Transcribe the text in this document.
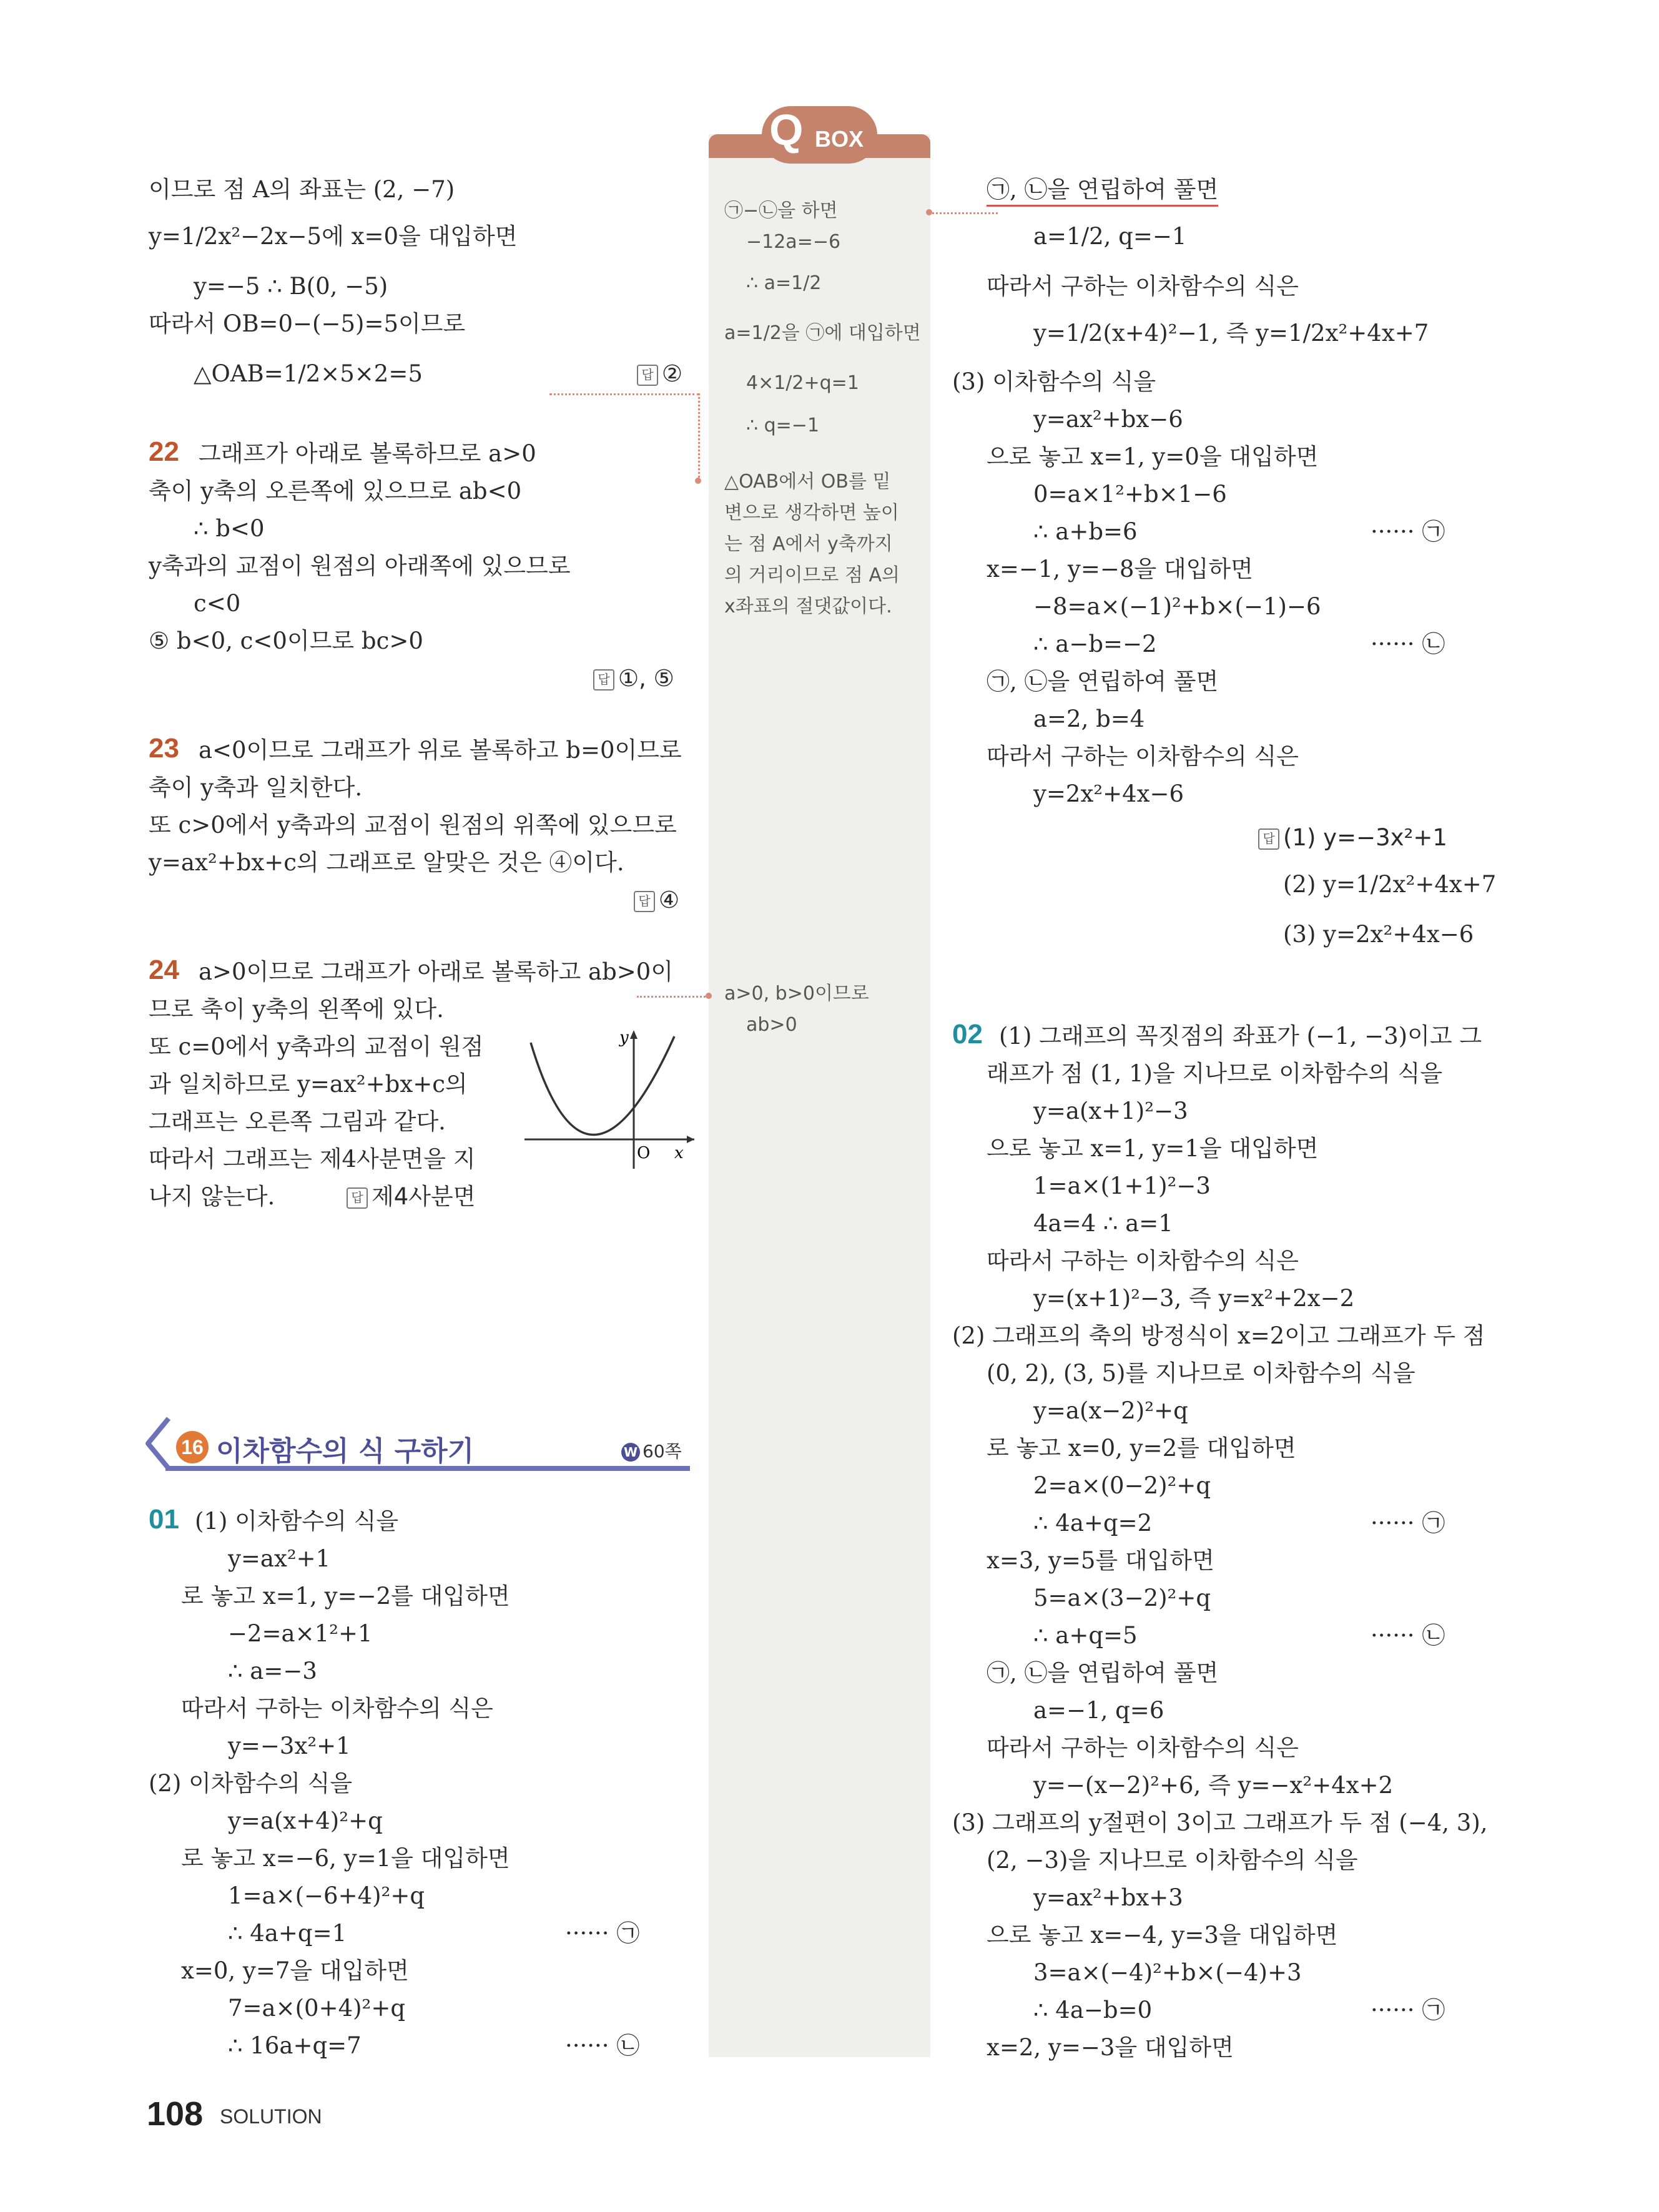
Q BOX
㉠−㉡을 하면
−12a=−6
∴ a=1/2
a=1/2을 ㉠에 대입하면
4×1/2+q=1
∴ q=−1
△OAB에서 OB를 밑
변으로 생각하면 높이
는 점 A에서 y축까지
의 거리이므로 점 A의
x좌표의 절댓값이다.
a>0, b>0이므로
ab>0
이므로 점 A의 좌표는 (2, −7)
y=1/2x²−2x−5에 x=0을 대입하면
y=−5 ∴ B(0, −5)
따라서 OB=0−(−5)=5이므로
△OAB=1/2×5×2=5	답 ②
22 그래프가 아래로 볼록하므로 a>0
축이 y축의 오른쪽에 있으므로 ab<0
∴ b<0
y축과의 교점이 원점의 아래쪽에 있으므로
c<0
⑤ b<0, c<0이므로 bc>0
답 ①, ⑤
23 a<0이므로 그래프가 위로 볼록하고 b=0이므로
축이 y축과 일치한다.
또 c>0에서 y축과의 교점이 원점의 위쪽에 있으므로
y=ax²+bx+c의 그래프로 알맞은 것은 ④이다.
답 ④
24 a>0이므로 그래프가 아래로 볼록하고 ab>0이
므로 축이 y축의 왼쪽에 있다.
또 c=0에서 y축과의 교점이 원점
과 일치하므로 y=ax²+bx+c의
그래프는 오른쪽 그림과 같다.
따라서 그래프는 제4사분면을 지
나지 않는다.	답 제4사분면
y
x
O
16 이차함수의 식 구하기	W 60쪽
01 (1) 이차함수의 식을
y=ax²+1
로 놓고 x=1, y=−2를 대입하면
−2=a×1²+1
∴ a=−3
따라서 구하는 이차함수의 식은
y=−3x²+1
(2) 이차함수의 식을
y=a(x+4)²+q
로 놓고 x=−6, y=1을 대입하면
1=a×(−6+4)²+q
∴ 4a+q=1	······ ㉠
x=0, y=7을 대입하면
7=a×(0+4)²+q
∴ 16a+q=7	······ ㉡
㉠, ㉡을 연립하여 풀면
a=1/2, q=−1
따라서 구하는 이차함수의 식은
y=1/2(x+4)²−1, 즉 y=1/2x²+4x+7
(3) 이차함수의 식을
y=ax²+bx−6
으로 놓고 x=1, y=0을 대입하면
0=a×1²+b×1−6
∴ a+b=6	······ ㉠
x=−1, y=−8을 대입하면
−8=a×(−1)²+b×(−1)−6
∴ a−b=−2	······ ㉡
㉠, ㉡을 연립하여 풀면
a=2, b=4
따라서 구하는 이차함수의 식은
y=2x²+4x−6
답 (1) y=−3x²+1
(2) y=1/2x²+4x+7
(3) y=2x²+4x−6
02 (1) 그래프의 꼭짓점의 좌표가 (−1, −3)이고 그
래프가 점 (1, 1)을 지나므로 이차함수의 식을
y=a(x+1)²−3
으로 놓고 x=1, y=1을 대입하면
1=a×(1+1)²−3
4a=4 ∴ a=1
따라서 구하는 이차함수의 식은
y=(x+1)²−3, 즉 y=x²+2x−2
(2) 그래프의 축의 방정식이 x=2이고 그래프가 두 점
(0, 2), (3, 5)를 지나므로 이차함수의 식을
y=a(x−2)²+q
로 놓고 x=0, y=2를 대입하면
2=a×(0−2)²+q
∴ 4a+q=2	······ ㉠
x=3, y=5를 대입하면
5=a×(3−2)²+q
∴ a+q=5	······ ㉡
㉠, ㉡을 연립하여 풀면
a=−1, q=6
따라서 구하는 이차함수의 식은
y=−(x−2)²+6, 즉 y=−x²+4x+2
(3) 그래프의 y절편이 3이고 그래프가 두 점 (−4, 3),
(2, −3)을 지나므로 이차함수의 식을
y=ax²+bx+3
으로 놓고 x=−4, y=3을 대입하면
3=a×(−4)²+b×(−4)+3
∴ 4a−b=0	······ ㉠
x=2, y=−3을 대입하면
108 SOLUTION
